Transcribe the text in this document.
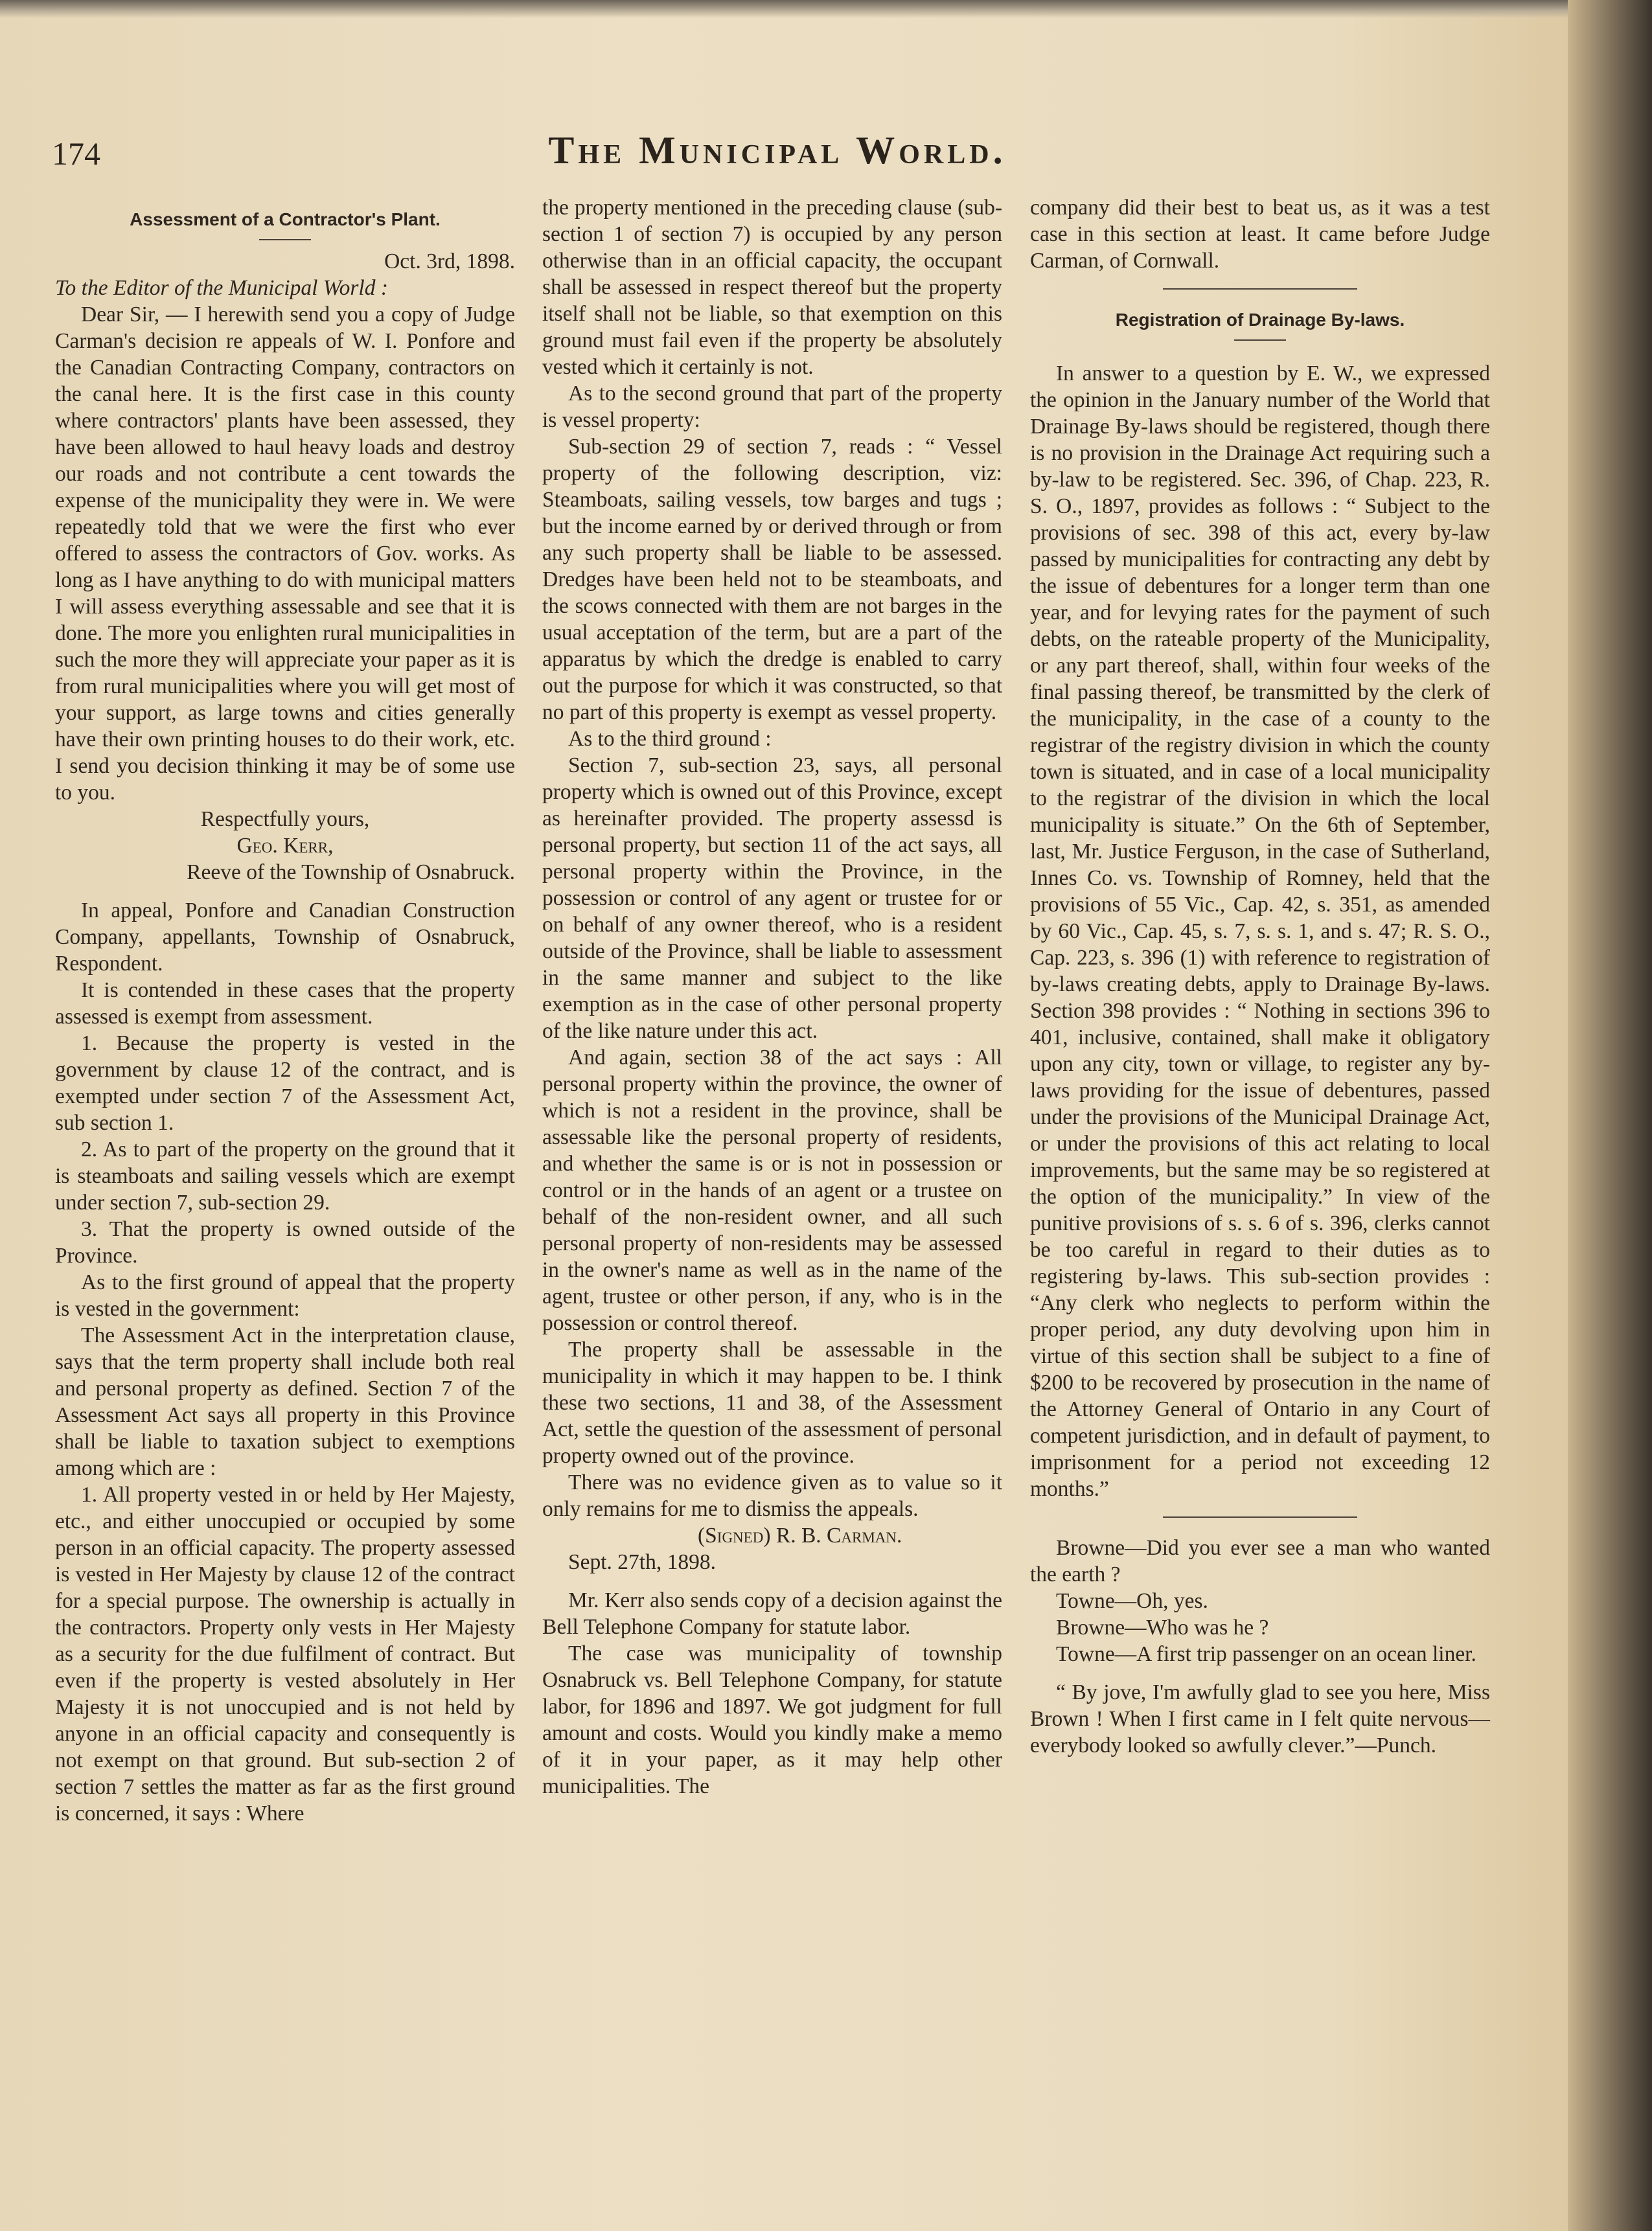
174	The Municipal World.
Assessment of a Contractor's Plant.

Oct. 3rd, 1898.

To the Editor of the Municipal World :

Dear Sir, — I herewith send you a copy of Judge Carman's decision re appeals of W. I. Ponfore and the Canadian Contracting Company, contractors on the canal here. It is the first case in this county where contractors' plants have been assessed, they have been allowed to haul heavy loads and destroy our roads and not contribute a cent towards the expense of the municipality they were in. We were repeatedly told that we were the first who ever offered to assess the contractors of Gov. works. As long as I have anything to do with municipal matters I will assess everything assessable and see that it is done. The more you enlighten rural municipalities in such the more they will appreciate your paper as it is from rural municipalities where you will get most of your support, as large towns and cities generally have their own printing houses to do their work, etc. I send you decision thinking it may be of some use to you.

Respectfully yours,

Geo. Kerr,

Reeve of the Township of Osnabruck.

In appeal, Ponfore and Canadian Construction Company, appellants, Township of Osnabruck, Respondent.

It is contended in these cases that the property assessed is exempt from assessment.

1. Because the property is vested in the government by clause 12 of the contract, and is exempted under section 7 of the Assessment Act, sub section 1.

2. As to part of the property on the ground that it is steamboats and sailing vessels which are exempt under section 7, sub-section 29.

3. That the property is owned outside of the Province.

As to the first ground of appeal that the property is vested in the government:

The Assessment Act in the interpretation clause, says that the term property shall include both real and personal property as defined. Section 7 of the Assessment Act says all property in this Province shall be liable to taxation subject to exemptions among which are :

1. All property vested in or held by Her Majesty, etc., and either unoccupied or occupied by some person in an official capacity. The property assessed is vested in Her Majesty by clause 12 of the contract for a special purpose. The ownership is actually in the contractors. Property only vests in Her Majesty as a security for the due fulfilment of contract. But even if the property is vested absolutely in Her Majesty it is not unoccupied and is not held by anyone in an official capacity and consequently is not exempt on that ground. But sub-section 2 of section 7 settles the matter as far as the first ground is concerned, it says : Where

the property mentioned in the preceding clause (sub-section 1 of section 7) is occupied by any person otherwise than in an official capacity, the occupant shall be assessed in respect thereof but the property itself shall not be liable, so that exemption on this ground must fail even if the property be absolutely vested which it certainly is not.

As to the second ground that part of the property is vessel property:

Sub-section 29 of section 7, reads : “ Vessel property of the following description, viz: Steamboats, sailing vessels, tow barges and tugs ; but the income earned by or derived through or from any such property shall be liable to be assessed. Dredges have been held not to be steamboats, and the scows connected with them are not barges in the usual acceptation of the term, but are a part of the apparatus by which the dredge is enabled to carry out the purpose for which it was constructed, so that no part of this property is exempt as vessel property.

As to the third ground :

Section 7, sub-section 23, says, all personal property which is owned out of this Province, except as hereinafter provided. The property assessd is personal property, but section 11 of the act says, all personal property within the Province, in the possession or control of any agent or trustee for or on behalf of any owner thereof, who is a resident outside of the Province, shall be liable to assessment in the same manner and subject to the like exemption as in the case of other personal property of the like nature under this act.

And again, section 38 of the act says : All personal property within the province, the owner of which is not a resident in the province, shall be assessable like the personal property of residents, and whether the same is or is not in possession or control or in the hands of an agent or a trustee on behalf of the non-resident owner, and all such personal property of non-residents may be assessed in the owner's name as well as in the name of the agent, trustee or other person, if any, who is in the possession or control thereof.

The property shall be assessable in the municipality in which it may happen to be. I think these two sections, 11 and 38, of the Assessment Act, settle the question of the assessment of personal property owned out of the province.

There was no evidence given as to value so it only remains for me to dismiss the appeals.

(Signed) R. B. Carman.

Sept. 27th, 1898.

Mr. Kerr also sends copy of a decision against the Bell Telephone Company for statute labor.

The case was municipality of township Osnabruck vs. Bell Telephone Company, for statute labor, for 1896 and 1897. We got judgment for full amount and costs. Would you kindly make a memo of it in your paper, as it may help other municipalities. The

company did their best to beat us, as it was a test case in this section at least. It came before Judge Carman, of Cornwall.

Registration of Drainage By-laws.

In answer to a question by E. W., we expressed the opinion in the January number of the World that Drainage By-laws should be registered, though there is no provision in the Drainage Act requiring such a by-law to be registered. Sec. 396, of Chap. 223, R. S. O., 1897, provides as follows : “ Subject to the provisions of sec. 398 of this act, every by-law passed by municipalities for contracting any debt by the issue of debentures for a longer term than one year, and for levying rates for the payment of such debts, on the rateable property of the Municipality, or any part thereof, shall, within four weeks of the final passing thereof, be transmitted by the clerk of the municipality, in the case of a county to the registrar of the registry division in which the county town is situated, and in case of a local municipality to the registrar of the division in which the local municipality is situate.” On the 6th of September, last, Mr. Justice Ferguson, in the case of Sutherland, Innes Co. vs. Township of Romney, held that the provisions of 55 Vic., Cap. 42, s. 351, as amended by 60 Vic., Cap. 45, s. 7, s. s. 1, and s. 47; R. S. O., Cap. 223, s. 396 (1) with reference to registration of by-laws creating debts, apply to Drainage By-laws. Section 398 provides : “ Nothing in sections 396 to 401, inclusive, contained, shall make it obligatory upon any city, town or village, to register any by-laws providing for the issue of debentures, passed under the provisions of the Municipal Drainage Act, or under the provisions of this act relating to local improvements, but the same may be so registered at the option of the municipality.” In view of the punitive provisions of s. s. 6 of s. 396, clerks cannot be too careful in regard to their duties as to registering by-laws. This sub-section provides : “Any clerk who neglects to perform within the proper period, any duty devolving upon him in virtue of this section shall be subject to a fine of $200 to be recovered by prosecution in the name of the Attorney General of Ontario in any Court of competent jurisdiction, and in default of payment, to imprisonment for a period not exceeding 12 months.”

Browne—Did you ever see a man who wanted the earth ?

Towne—Oh, yes.

Browne—Who was he ?

Towne—A first trip passenger on an ocean liner.

“ By jove, I'm awfully glad to see you here, Miss Brown ! When I first came in I felt quite nervous—everybody looked so awfully clever.”—Punch.
